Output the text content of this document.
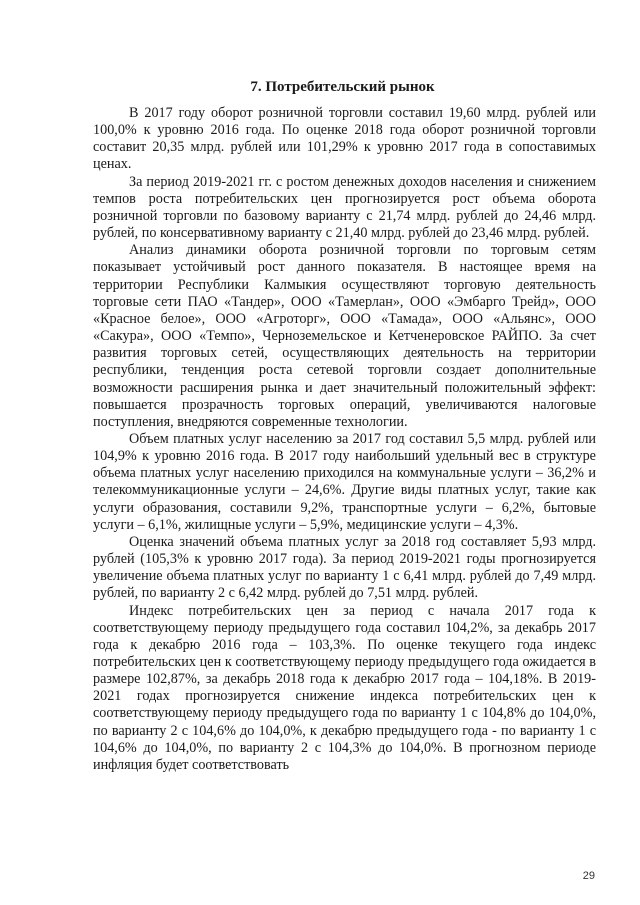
7. Потребительский рынок

В 2017 году оборот розничной торговли составил 19,60 млрд. рублей или 100,0% к уровню 2016 года. По оценке 2018 года оборот розничной торговли составит 20,35 млрд. рублей или 101,29% к уровню 2017 года в сопоставимых ценах.

За период 2019-2021 гг. с ростом денежных доходов населения и снижением темпов роста потребительских цен прогнозируется рост объема оборота розничной торговли по базовому варианту с 21,74 млрд. рублей до 24,46 млрд. рублей, по консервативному варианту с 21,40 млрд. рублей до 23,46 млрд. рублей.

Анализ динамики оборота розничной торговли по торговым сетям показывает устойчивый рост данного показателя. В настоящее время на территории Республики Калмыкия осуществляют торговую деятельность торговые сети ПАО «Тандер», ООО «Тамерлан», ООО «Эмбарго Трейд», ООО «Красное белое», ООО «Агроторг», ООО «Тамада», ООО «Альянс», ООО «Сакура», ООО «Темпо», Черноземельское и Кетченеровское РАЙПО. За счет развития торговых сетей, осуществляющих деятельность на территории республики, тенденция роста сетевой торговли создает дополнительные возможности расширения рынка и дает значительный положительный эффект: повышается прозрачность торговых операций, увеличиваются налоговые поступления, внедряются современные технологии.

Объем платных услуг населению за 2017 год составил 5,5 млрд. рублей или 104,9% к уровню 2016 года. В 2017 году наибольший удельный вес в структуре объема платных услуг населению приходился на коммунальные услуги – 36,2% и телекоммуникационные услуги – 24,6%. Другие виды платных услуг, такие как услуги образования, составили 9,2%, транспортные услуги – 6,2%, бытовые услуги – 6,1%, жилищные услуги – 5,9%, медицинские услуги – 4,3%.

Оценка значений объема платных услуг за 2018 год составляет 5,93 млрд. рублей (105,3% к уровню 2017 года). За период 2019-2021 годы прогнозируется увеличение объема платных услуг по варианту 1 с 6,41 млрд. рублей до 7,49 млрд. рублей, по варианту 2 с 6,42 млрд. рублей до 7,51 млрд. рублей.

Индекс потребительских цен за период с начала 2017 года к соответствующему периоду предыдущего года составил 104,2%, за декабрь 2017 года к декабрю 2016 года – 103,3%. По оценке текущего года индекс потребительских цен к соответствующему периоду предыдущего года ожидается в размере 102,87%, за декабрь 2018 года к декабрю 2017 года – 104,18%. В 2019-2021 годах прогнозируется снижение индекса потребительских цен к соответствующему периоду предыдущего года по варианту 1 с 104,8% до 104,0%, по варианту 2 с 104,6% до 104,0%, к декабрю предыдущего года - по варианту 1 с 104,6% до 104,0%, по варианту 2 с 104,3% до 104,0%. В прогнозном периоде инфляция будет соответствовать

29
